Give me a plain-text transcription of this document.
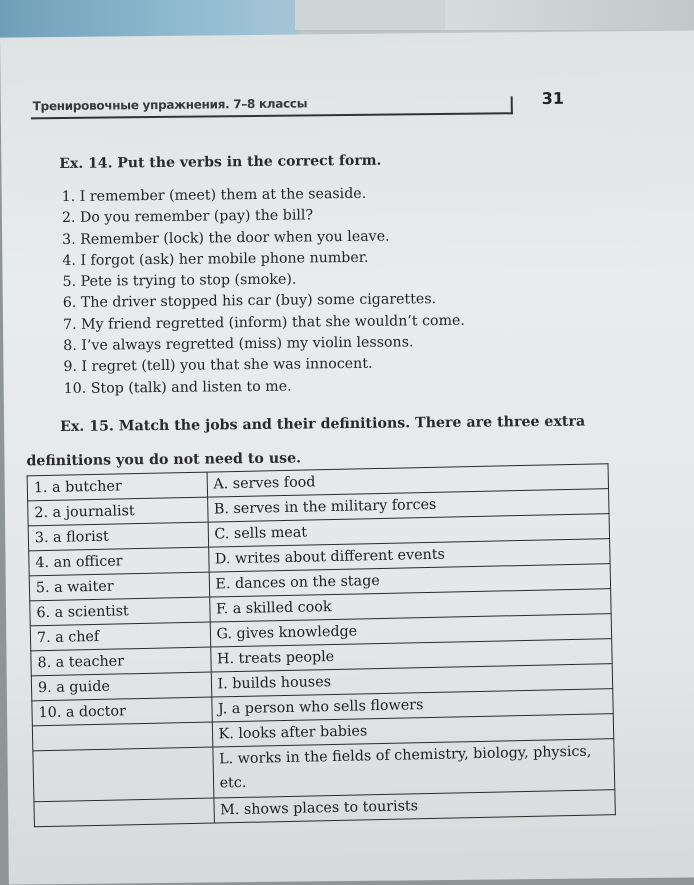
Тренировочные упражнения. 7–8 классы	31
Ex. 14. Put the verbs in the correct form.
1. I remember (meet) them at the seaside.
2. Do you remember (pay) the bill?
3. Remember (lock) the door when you leave.
4. I forgot (ask) her mobile phone number.
5. Pete is trying to stop (smoke).
6. The driver stopped his car (buy) some cigarettes.
7. My friend regretted (inform) that she wouldn’t come.
8. I’ve always regretted (miss) my violin lessons.
9. I regret (tell) you that she was innocent.
10. Stop (talk) and listen to me.
Ex. 15. Match the jobs and their definitions. There are three extra
definitions you do not need to use.
1. a butcher	A. serves food
2. a journalist	B. serves in the military forces
3. a florist	C. sells meat
4. an officer	D. writes about different events
5. a waiter	E. dances on the stage
6. a scientist	F. a skilled cook
7. a chef	G. gives knowledge
8. a teacher	H. treats people
9. a guide	I. builds houses
10. a doctor	J. a person who sells flowers
	K. looks after babies
	L. works in the fields of chemistry, biology, physics, etc.
	M. shows places to tourists
